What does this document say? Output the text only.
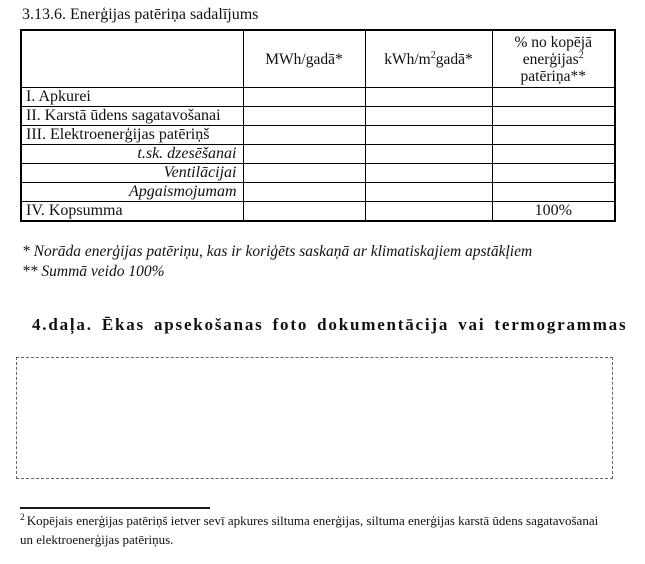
3.13.6. Enerģijas patēriņa sadalījums
	MWh/gadā*	kWh/$m^2gadā*$	% no kopējā
enerģijas$^2$
patēriņa**

I. Apkurei			
II. Karstā ūdens sagatavošanai			
III. Elektroenerģijas patēriņš			
t.sk. dzesēšanai			
Ventilācijai			
Apgaismojumam			
IV. Kopsumma			100%
* Norāda enerģijas patēriņu, kas ir koriģēts saskaņā ar klimatiskajiem apstākļiem
** Summā veido 100%
4.daļa. Ēkas apsekošanas foto dokumentācija vai termogrammas
$^2$ Kopējais enerģijas patēriņš ietver sevī apkures siltuma enerģijas, siltuma enerģijas karstā ūdens sagatavošanai un elektroenerģijas patēriņus.
